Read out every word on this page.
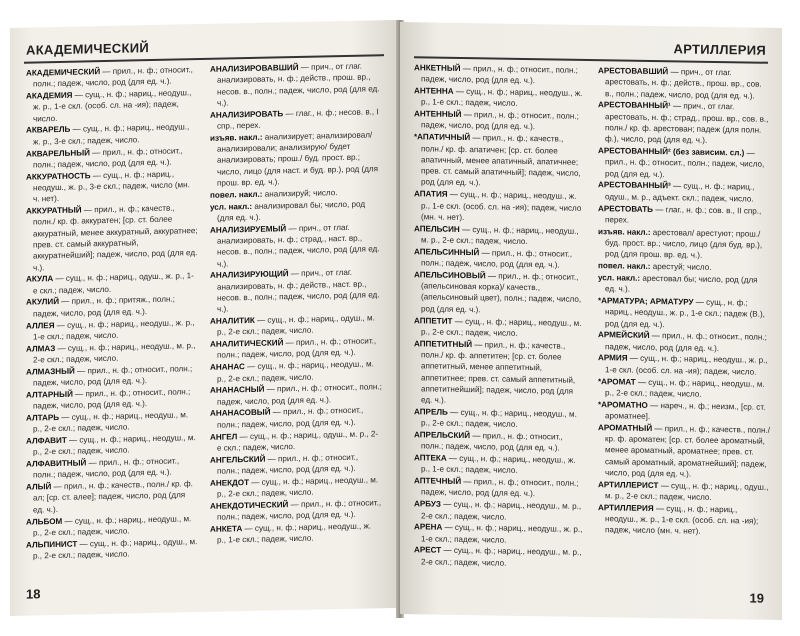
АКАДЕМИЧЕСКИЙ
АКАДЕМИЧЕСКИЙ — прил., н. ф.; относит., полн.; падеж, число, род (для ед. ч.).
АКАДЕМИЯ — сущ., н. ф.; нариц., неодуш., ж. р., 1-е скл. (особ. сл. на -ия); падеж, число.
АКВАРЕЛЬ — сущ., н. ф.; нариц., неодуш., ж. р., 3-е скл.; падеж, число.
АКВАРЕЛЬНЫЙ — прил., н. ф.; относит., полн.; падеж, число, род (для ед. ч.).
АККУРАТНОСТЬ — сущ., н. ф.; нариц., неодуш., ж. р., 3-е скл.; падеж, число (мн. ч. нет).
АККУРАТНЫЙ — прил., н. ф.; качеств., полн./ кр. ф. аккуратен; [ср. ст. более аккуратный, менее аккуратный, аккуратнее; прев. ст. самый аккуратный, аккуратнейший]; падеж, число, род (для ед. ч.).
АКУЛА — сущ., н. ф.; нариц., одуш., ж. р., 1-е скл.; падеж, число.
АКУЛИЙ — прил., н. ф.; притяж., полн.; падеж, число, род (для ед. ч.).
АЛЛЕЯ — сущ., н. ф.; нариц., неодуш., ж. р., 1-е скл.; падеж, число.
АЛМАЗ — сущ., н. ф.; нариц., неодуш., м. р., 2-е скл.; падеж, число.
АЛМАЗНЫЙ — прил., н. ф.; относит., полн.; падеж, число, род (для ед. ч.).
АЛТАРНЫЙ — прил., н. ф.; относит., полн.; падеж, число, род (для ед. ч.).
АЛТАРЬ — сущ., н. ф.; нариц., неодуш., м. р., 2-е скл.; падеж, число.
АЛФАВИТ — сущ., н. ф.; нариц., неодуш., м. р., 2-е скл.; падеж, число.
АЛФАВИТНЫЙ — прил., н. ф.; относит., полн.; падеж, число, род (для ед. ч.).
АЛЫЙ — прил., н. ф.; качеств., полн./ кр. ф. ал; [ср. ст. алее]; падеж, число, род (для ед. ч.).
АЛЬБОМ — сущ., н. ф.; нариц., неодуш., м. р., 2-е скл.; падеж, число.
АЛЬПИНИСТ — сущ., н. ф.; нариц., одуш., м. р., 2-е скл.; падеж, число.
АНАЛИЗИРОВАВШИЙ — прич., от глаг. анализировать, н. ф.; действ., прош. вр., несов. в., полн.; падеж, число, род (для ед. ч.).
АНАЛИЗИРОВАТЬ — глаг., н. ф.; несов. в., I спр., перех.
изъяв. накл.: анализирует; анализировал/ анализировали; анализирую/ будет анализировать; прош./ буд. прост. вр.; число, лицо (для наст. и буд. вр.), род (для прош. вр. ед. ч.).
повел. накл.: анализируй; число.
усл. накл.: анализировал бы; число, род (для ед. ч.).
АНАЛИЗИРУЕМЫЙ — прич., от глаг. анализировать, н. ф.; страд., наст. вр., несов. в., полн.; падеж, число, род (для ед. ч.).
АНАЛИЗИРУЮЩИЙ — прич., от глаг. анализировать, н. ф.; действ., наст. вр., несов. в., полн.; падеж, число, род (для ед. ч.).
АНАЛИТИК — сущ., н. ф.; нариц., одуш., м. р., 2-е скл.; падеж, число.
АНАЛИТИЧЕСКИЙ — прил., н. ф.; относит., полн.; падеж, число, род (для ед. ч.).
АНАНАС — сущ., н. ф.; нариц., неодуш., м. р., 2-е скл.; падеж, число.
АНАНАСНЫЙ — прил., н. ф.; относит., полн.; падеж, число, род (для ед. ч.).
АНАНАСОВЫЙ — прил., н. ф.; относит., полн.; падеж, число, род (для ед. ч.).
АНГЕЛ — сущ., н. ф.; нариц., одуш., м. р., 2-е скл.; падеж, число.
АНГЕЛЬСКИЙ — прил., н. ф.; относит., полн.; падеж, число, род (для ед. ч.).
АНЕКДОТ — сущ., н. ф.; нариц., неодуш., м. р., 2-е скл.; падеж, число.
АНЕКДОТИЧЕСКИЙ — прил., н. ф.; относит., полн.; падеж, число, род (для ед. ч.).
АНКЕТА — сущ., н. ф.; нариц., неодуш., ж. р., 1-е скл.; падеж, число.
18
АРТИЛЛЕРИЯ
АНКЕТНЫЙ — прил., н. ф.; относит., полн.; падеж, число, род (для ед. ч.).
АНТЕННА — сущ., н. ф.; нариц., неодуш., ж. р., 1-е скл.; падеж, число.
АНТЕННЫЙ — прил., н. ф.; относит., полн.; падеж, число, род (для ед. ч.).
*АПАТИЧНЫЙ — прил., н. ф.; качеств., полн./ кр. ф. апатичен; [ср. ст. более апатичный, менее апатичный, апатичнее; прев. ст. самый апатичный]; падеж, число, род (для ед. ч.).
АПАТИЯ — сущ., н. ф.; нариц., неодуш., ж. р., 1-е скл. (особ. сл. на -ия); падеж, число (мн. ч. нет).
АПЕЛЬСИН — сущ., н. ф.; нариц., неодуш., м. р., 2-е скл.; падеж, число.
АПЕЛЬСИННЫЙ — прил., н. ф.; относит., полн.; падеж, число, род (для ед. ч.).
АПЕЛЬСИНОВЫЙ — прил., н. ф.; относит., (апельсиновая корка)/ качеств., (апельсиновый цвет), полн.; падеж, число, род (для ед. ч.).
АППЕТИТ — сущ., н. ф.; нариц., неодуш., м. р., 2-е скл.; падеж, число.
АППЕТИТНЫЙ — прил., н. ф.; качеств., полн./ кр. ф. аппетитен; [ср. ст. более аппетитный, менее аппетитный, аппетитнее; прев. ст. самый аппетитный, аппетитнейший]; падеж, число, род (для ед. ч.).
АПРЕЛЬ — сущ., н. ф.; нариц., неодуш., м. р., 2-е скл.; падеж, число.
АПРЕЛЬСКИЙ — прил., н. ф.; относит., полн.; падеж, число, род (для ед. ч.).
АПТЕКА — сущ., н. ф.; нариц., неодуш., ж. р., 1-е скл.; падеж, число.
АПТЕЧНЫЙ — прил., н. ф.; относит., полн.; падеж, число, род (для ед. ч.).
АРБУЗ — сущ., н. ф.; нариц., неодуш., м. р., 2-е скл.; падеж, число.
АРЕНА — сущ., н. ф.; нариц., неодуш., ж. р., 1-е скл.; падеж, число.
АРЕСТ — сущ., н. ф.; нариц., неодуш., м. р., 2-е скл.; падеж, число.
АРЕСТОВАВШИЙ — прич., от глаг. арестовать, н. ф.; действ., прош. вр., сов. в., полн.; падеж, число, род (для ед. ч.).
АРЕСТОВАННЫЙ¹ — прич., от глаг. арестовать, н. ф.; страд., прош. вр., сов. в., полн./ кр. ф. арестован; падеж (для полн. ф.), число, род (для ед. ч.).
АРЕСТОВАННЫЙ² (без зависим. сл.) — прил., н. ф.; относит., полн.; падеж, число, род (для ед. ч.).
АРЕСТОВАННЫЙ³ — сущ., н. ф.; нариц., одуш., м. р., адъект. скл.; падеж, число.
АРЕСТОВАТЬ — глаг., н. ф.; сов. в., II спр., перех.
изъяв. накл.: арестовал/ арестуют; прош./ буд. прост. вр.; число, лицо (для буд. вр.), род (для прош. вр. ед. ч.).
повел. накл.: арестуй; число.
усл. накл.: арестовал бы; число, род (для ед. ч.).
*АРМАТУРА; АРМАТУРУ — сущ., н. ф.; нариц., неодуш., ж. р., 1-е скл.; падеж (В.), род (для ед. ч.).
АРМЕЙСКИЙ — прил., н. ф.; относит., полн.; падеж, число, род (для ед. ч.).
АРМИЯ — сущ., н. ф.; нариц., неодуш., ж. р., 1-е скл. (особ. сл. на -ия); падеж, число.
*АРОМАТ — сущ., н. ф.; нариц., неодуш., м. р., 2-е скл.; падеж, число.
*АРОМАТНО — нареч., н. ф.; неизм., [ср. ст. ароматнее].
АРОМАТНЫЙ — прил., н. ф.; качеств., полн./ кр. ф. ароматен; [ср. ст. более ароматный, менее ароматный, ароматнее; прев. ст. самый ароматный, ароматнейший]; падеж, число, род (для ед. ч.).
АРТИЛЛЕРИСТ — сущ., н. ф.; нариц., одуш., м. р., 2-е скл.; падеж, число.
АРТИЛЛЕРИЯ — сущ., н. ф.; нариц., неодуш., ж. р., 1-е скл. (особ. сл. на -ия); падеж, число (мн. ч. нет).
19
